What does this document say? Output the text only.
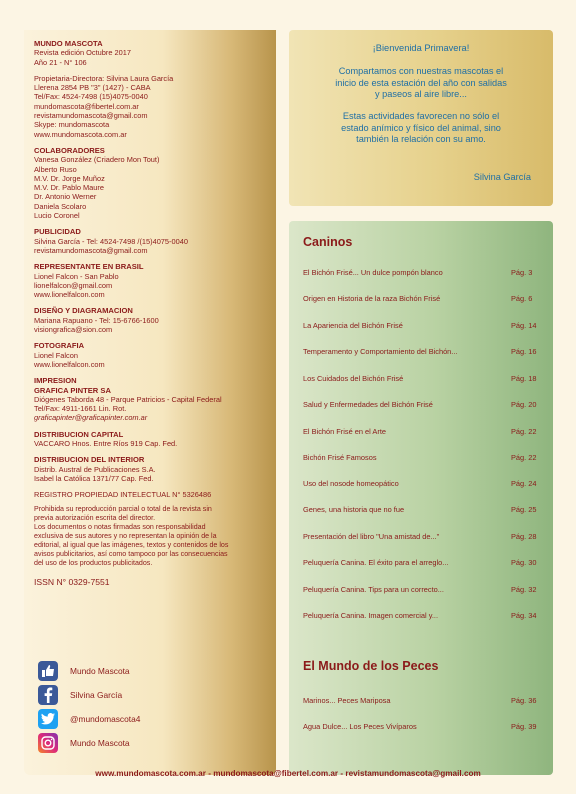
MUNDO MASCOTA
Revista edición Octubre 2017
Año 21 - N° 106
Propietaria-Directora: Silvina Laura García
Llerena 2854 PB "3" (1427) - CABA
Tel/Fax: 4524-7498 (15)4075-0040
mundomascota@fibertel.com.ar
revistamundomascota@gmail.com
Skype: mundomascota
www.mundomascota.com.ar
COLABORADORES
Vanesa González (Criadero Mon Tout)
Alberto Ruso
M.V. Dr. Jorge Muñoz
M.V. Dr. Pablo Maure
Dr. Antonio Werner
Daniela Scolaro
Lucio Coronel
PUBLICIDAD
Silvina García - Tel: 4524-7498 /(15)4075-0040
revistamundomascota@gmail.com
REPRESENTANTE EN BRASIL
Lionel Falcon - San Pablo
lionelfalcon@gmail.com
www.lionelfalcon.com
DISEÑO Y DIAGRAMACION
Mariana Rapuano - Tel: 15-6766-1600
visiongrafica@sion.com
FOTOGRAFIA
Lionel Falcon
www.lionelfalcon.com
IMPRESION
GRAFICA PINTER SA
Diógenes Taborda 48 - Parque Patricios - Capital Federal
Tel/Fax: 4911-1661 Lin. Rot.
graficapinter@graficapinter.com.ar
DISTRIBUCION CAPITAL
VACCARO Hnos. Entre Ríos 919 Cap. Fed.
DISTRIBUCION DEL INTERIOR
Distrib. Austral de Publicaciones S.A.
Isabel la Católica 1371/77 Cap. Fed.
REGISTRO PROPIEDAD INTELECTUAL N° 5326486
Prohibida su reproducción parcial o total de la revista sin
previa autorización escrita del director.
Los documentos o notas firmadas son responsabilidad
exclusiva de sus autores y no representan la opinión de la
editorial, al igual que las imágenes, textos y contenidos de los
avisos publicitarios, así como tampoco por las consecuencias
del uso de los productos publicitados.
ISSN N° 0329-7551
Mundo Mascota
Silvina García
@mundomascota4
Mundo Mascota
¡Bienvenida Primavera!
Compartamos con nuestras mascotas el
inicio de esta estación del año con salidas
y paseos al aire libre...
Estas actividades favorecen no sólo el
estado anímico y físico del animal, sino
también la relación con su amo.
Silvina García
Caninos
El Bichón Frisé... Un dulce pompón blanco	Pág. 3
Origen en Historia de la raza Bichón Frisé	Pág. 6
La Apariencia del Bichón Frisé	Pág. 14
Temperamento y Comportamiento del Bichón...	Pág. 16
Los Cuidados del Bichón Frisé	Pág. 18
Salud y Enfermedades del Bichón Frisé	Pág. 20
El Bichón Frisé en el Arte	Pág. 22
Bichón Frisé Famosos	Pág. 22
Uso del nosode homeopático	Pág. 24
Genes, una historia que no fue	Pág. 25
Presentación del libro "Una amistad de..."	Pág. 28
Peluquería Canina. El éxito para el arreglo...	Pág. 30
Peluquería Canina. Tips para un correcto...	Pág. 32
Peluquería Canina. Imagen comercial y...	Pág. 34
El Mundo de los Peces
Marinos... Peces Mariposa	Pág. 36
Agua Dulce... Los Peces Vivíparos	Pág. 39
www.mundomascota.com.ar - mundomascota@fibertel.com.ar - revistamundomascota@gmail.com
